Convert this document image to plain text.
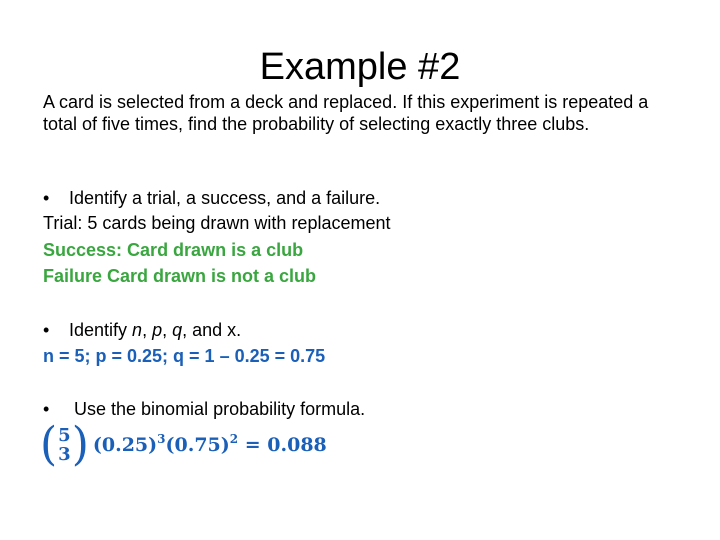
Example #2
A card is selected from a deck and replaced. If this experiment is repeated a total of five times, find the probability of selecting exactly three clubs.
• Identify a trial, a success, and a failure.
Trial: 5 cards being drawn with replacement
Success: Card drawn is a club
Failure Card drawn is not a club
• Identify n, p, q, and x.
n = 5; p = 0.25; q = 1 – 0.25 = 0.75
• Use the binomial probability formula.
( 5
3 ) $(0.25)^3(0.75)^2 = 0.088$
